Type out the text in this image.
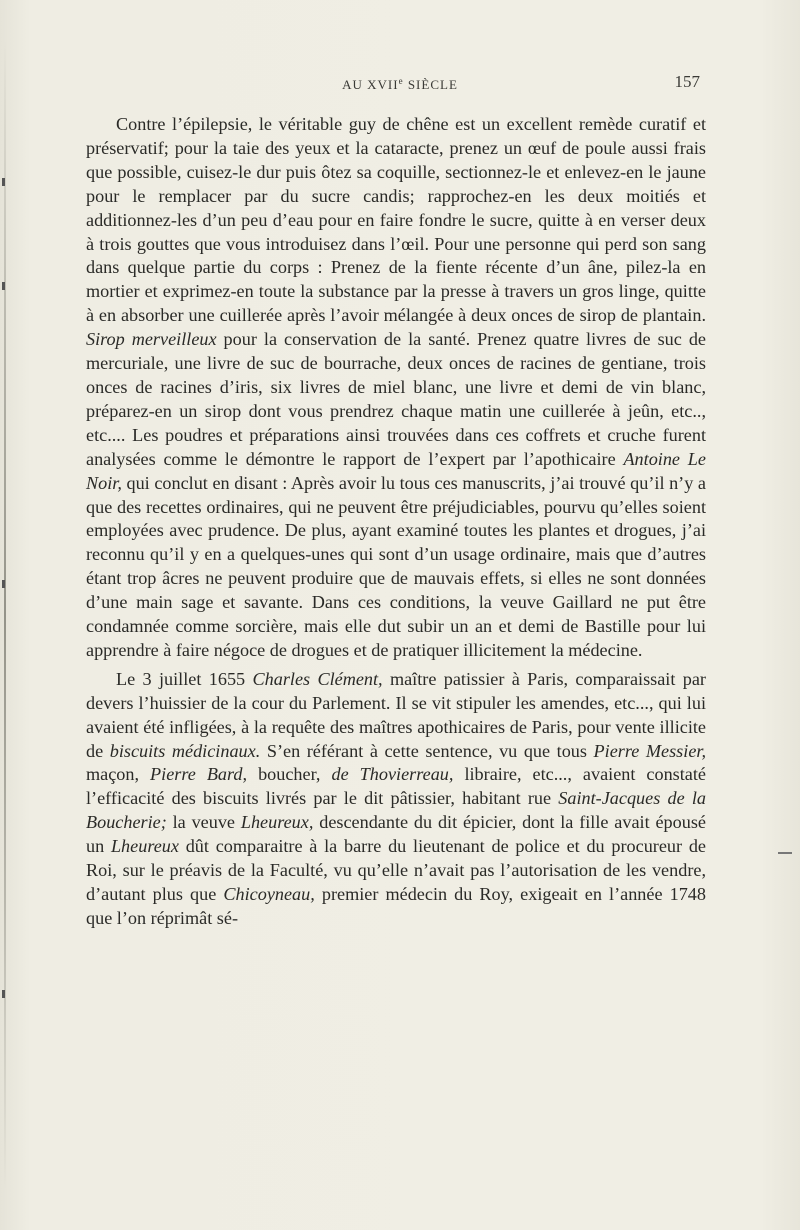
AU XVIIe SIÈCLE	157

Contre l’épilepsie, le véritable guy de chêne est un excellent remède curatif et préservatif; pour la taie des yeux et la cataracte, prenez un œuf de poule aussi frais que possible, cuisez-le dur puis ôtez sa coquille, sectionnez-le et enlevez-en le jaune pour le remplacer par du sucre candis; rapprochez-en les deux moitiés et additionnez-les d’un peu d’eau pour en faire fondre le sucre, quitte à en verser deux à trois gouttes que vous introduisez dans l’œil. Pour une personne qui perd son sang dans quelque partie du corps : Prenez de la fiente récente d’un âne, pilez-la en mortier et exprimez-en toute la substance par la presse à travers un gros linge, quitte à en absorber une cuillerée après l’avoir mélangée à deux onces de sirop de plantain. Sirop merveilleux pour la conservation de la santé. Prenez quatre livres de suc de mercuriale, une livre de suc de bourrache, deux onces de racines de gentiane, trois onces de racines d’iris, six livres de miel blanc, une livre et demi de vin blanc, préparez-en un sirop dont vous prendrez chaque matin une cuillerée à jeûn, etc.., etc.... Les poudres et préparations ainsi trouvées dans ces coffrets et cruche furent analysées comme le démontre le rapport de l’expert par l’apothicaire Antoine Le Noir, qui conclut en disant : Après avoir lu tous ces manuscrits, j’ai trouvé qu’il n’y a que des recettes ordinaires, qui ne peuvent être préjudiciables, pourvu qu’elles soient employées avec prudence. De plus, ayant examiné toutes les plantes et drogues, j’ai reconnu qu’il y en a quelques-unes qui sont d’un usage ordinaire, mais que d’autres étant trop âcres ne peuvent produire que de mauvais effets, si elles ne sont données d’une main sage et savante. Dans ces conditions, la veuve Gaillard ne put être condamnée comme sorcière, mais elle dut subir un an et demi de Bastille pour lui apprendre à faire négoce de drogues et de pratiquer illicitement la médecine.

Le 3 juillet 1655 Charles Clément, maître patissier à Paris, comparaissait par devers l’huissier de la cour du Parlement. Il se vit stipuler les amendes, etc..., qui lui avaient été infligées, à la requête des maîtres apothicaires de Paris, pour vente illicite de biscuits médicinaux. S’en référant à cette sentence, vu que tous Pierre Messier, maçon, Pierre Bard, boucher, de Thovierreau, libraire, etc..., avaient constaté l’efficacité des biscuits livrés par le dit pâtissier, habitant rue Saint-Jacques de la Boucherie; la veuve Lheureux, descendante du dit épicier, dont la fille avait épousé un Lheureux dût comparaitre à la barre du lieutenant de police et du procureur de Roi, sur le préavis de la Faculté, vu qu’elle n’avait pas l’autorisation de les vendre, d’autant plus que Chicoyneau, premier médecin du Roy, exigeait en l’année 1748 que l’on réprimât sé-
